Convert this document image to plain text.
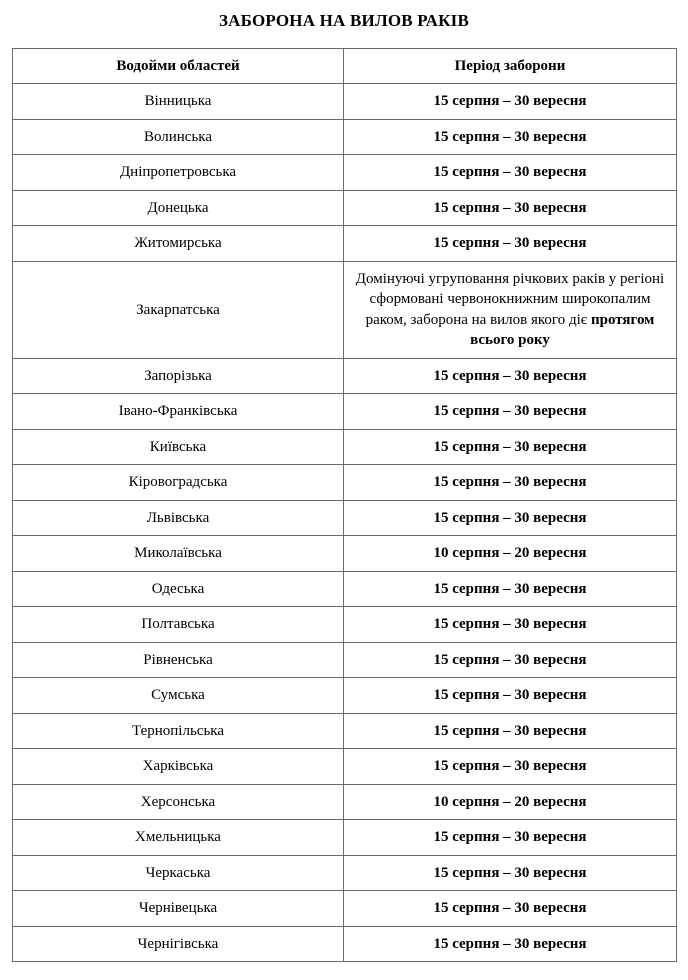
ЗАБОРОНА НА ВИЛОВ РАКІВ
Водойми областей	Період заборони
Вінницька	15 серпня – 30 вересня
Волинська	15 серпня – 30 вересня
Дніпропетровська	15 серпня – 30 вересня
Донецька	15 серпня – 30 вересня
Житомирська	15 серпня – 30 вересня
Закарпатська	Домінуючі угруповання річкових раків у регіоні сформовані червонокнижним широкопалим раком, заборона на вилов якого діє протягом всього року
Запорізька	15 серпня – 30 вересня
Івано-Франківська	15 серпня – 30 вересня
Київська	15 серпня – 30 вересня
Кіровоградська	15 серпня – 30 вересня
Львівська	15 серпня – 30 вересня
Миколаївська	10 серпня – 20 вересня
Одеська	15 серпня – 30 вересня
Полтавська	15 серпня – 30 вересня
Рівненська	15 серпня – 30 вересня
Сумська	15 серпня – 30 вересня
Тернопільська	15 серпня – 30 вересня
Харківська	15 серпня – 30 вересня
Херсонська	10 серпня – 20 вересня
Хмельницька	15 серпня – 30 вересня
Черкаська	15 серпня – 30 вересня
Чернівецька	15 серпня – 30 вересня
Чернігівська	15 серпня – 30 вересня
